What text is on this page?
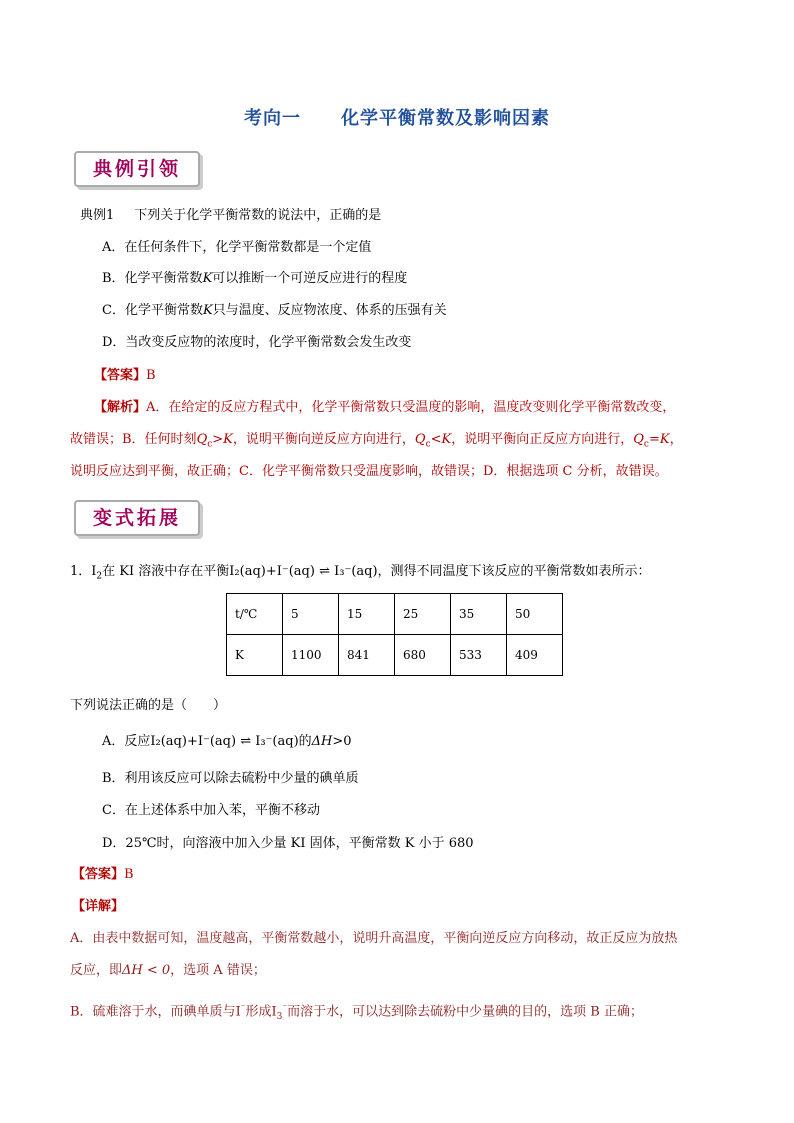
考向一 化学平衡常数及影响因素
典例引领
典例1 下列关于化学平衡常数的说法中，正确的是
A．在任何条件下，化学平衡常数都是一个定值
B．化学平衡常数K可以推断一个可逆反应进行的程度
C．化学平衡常数K只与温度、反应物浓度、体系的压强有关
D．当改变反应物的浓度时，化学平衡常数会发生改变
【答案】B
【解析】A．在给定的反应方程式中，化学平衡常数只受温度的影响，温度改变则化学平衡常数改变，
故错误；B．任何时刻$Q_c>K$，说明平衡向逆反应方向进行，$Q_c<K$，说明平衡向正反应方向进行，$Q_c=K$，
说明反应达到平衡，故正确；C．化学平衡常数只受温度影响，故错误；D．根据选项 C 分析，故错误。
变式拓展
1．$I_2$在 KI 溶液中存在平衡I₂(aq)+I⁻(aq) ⇌ I₃⁻(aq)，测得不同温度下该反应的平衡常数如表所示：
t/℃	5	15	25	35	50
K	1100	841	680	533	409
下列说法正确的是（　　）
A．反应I₂(aq)+I⁻(aq) ⇌ I₃⁻(aq)的ΔH>0
B．利用该反应可以除去硫粉中少量的碘单质
C．在上述体系中加入苯，平衡不移动
D．25℃时，向溶液中加入少量 KI 固体，平衡常数 K 小于 680
【答案】B
【详解】
A．由表中数据可知，温度越高，平衡常数越小，说明升高温度，平衡向逆反应方向移动，故正反应为放热
反应，即ΔH < 0，选项 A 错误；
B．硫难溶于水，而碘单质与I⁻形成$I_3^{^-}$而溶于水，可以达到除去硫粉中少量碘的目的，选项 B 正确；
